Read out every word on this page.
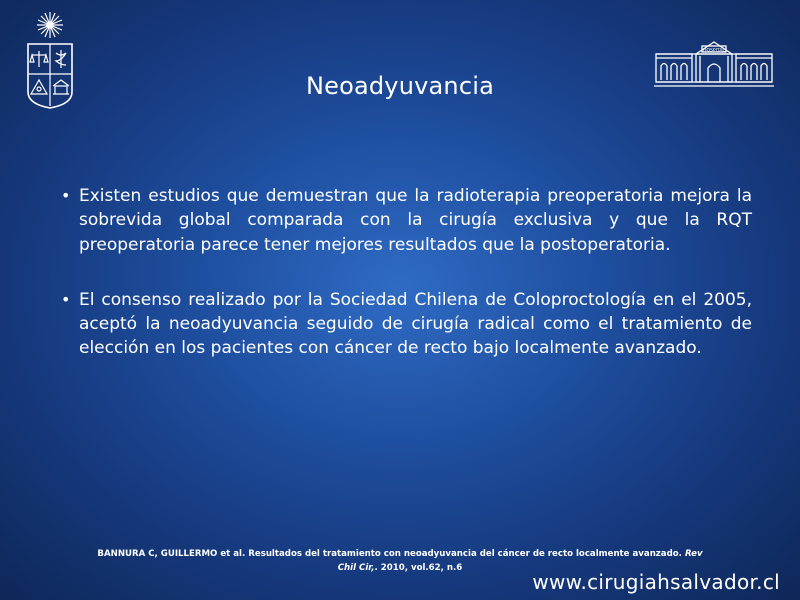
HOSPITAL
Neoadyuvancia
• Existen estudios que demuestran que la radioterapia preoperatoria mejora la sobrevida global comparada con la cirugía exclusiva y que la RQT preoperatoria parece tener mejores resultados que la postoperatoria.
• El consenso realizado por la Sociedad Chilena de Coloproctología en el 2005, aceptó la neoadyuvancia seguido de cirugía radical como el tratamiento de elección en los pacientes con cáncer de recto bajo localmente avanzado.
BANNURA C, GUILLERMO et al. Resultados del tratamiento con neoadyuvancia del cáncer de recto localmente avanzado. Rev Chil Cir,. 2010, vol.62, n.6
www.cirugiahsalvador.cl
